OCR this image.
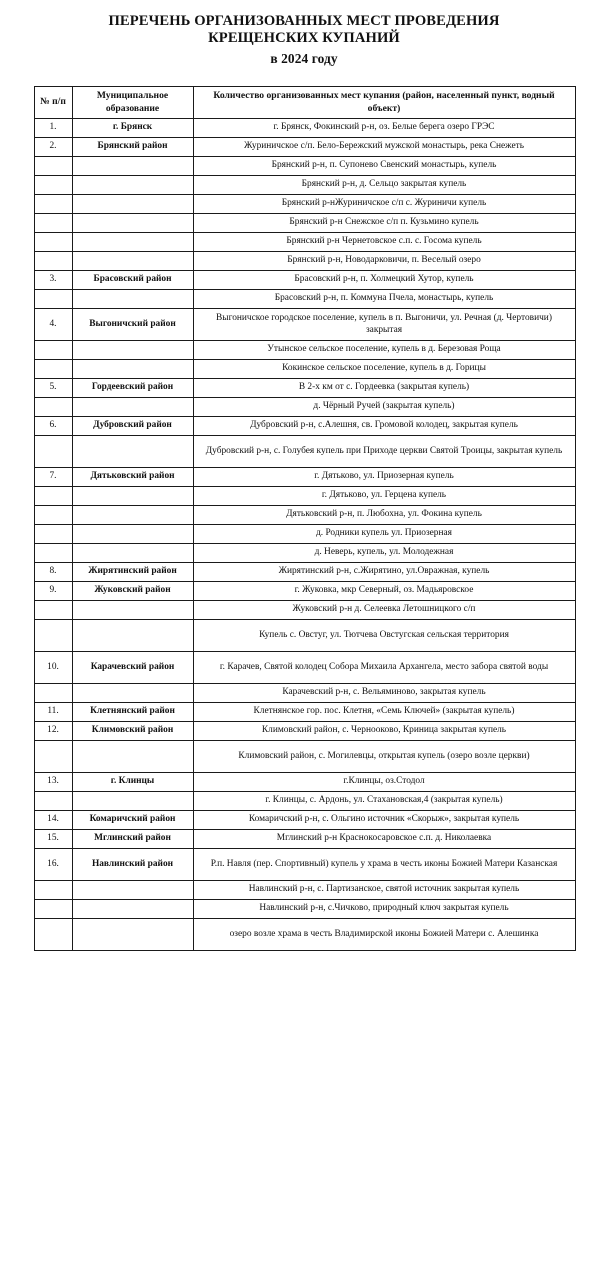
ПЕРЕЧЕНЬ ОРГАНИЗОВАННЫХ МЕСТ ПРОВЕДЕНИЯ
КРЕЩЕНСКИХ КУПАНИЙ
в 2024 году
№ п/п	Муниципальное образование	Количество организованных мест купания (район, населенный пункт, водный объект)
1.	г. Брянск	г. Брянск, Фокинский р-н, оз. Белые берега озеро ГРЭС
2.	Брянский район	Журиничское с/п. Бело-Бережский мужской монастырь, река Снежеть
		Брянский р-н, п. Супонево Свенский монастырь, купель
		Брянский р-н, д. Сельцо закрытая купель
		Брянский р-нЖуриничское с/п с. Журиничи купель
		Брянский р-н Снежское с/п п. Кузьмино купель
		Брянский р-н Чернетовское с.п. с. Госома купель
		Брянский р-н, Новодарковичи, п. Веселый озеро
3.	Брасовский район	Брасовский р-н, п. Холмецкий Хутор, купель
		Брасовский р-н, п. Коммуна Пчела, монастырь, купель
4.	Выгоничский район	Выгоничское городское поселение, купель в п. Выгоничи, ул. Речная (д. Чертовичи) закрытая
		Утынское сельское поселение, купель в д. Березовая Роща
		Кокинское сельское поселение, купель в д. Горицы
5.	Гордеевский район	В 2-х км от с. Гордеевка (закрытая купель)
		д. Чёрный Ручей (закрытая купель)
6.	Дубровский район	Дубровский р-н, с.Алешня, св. Громовой колодец, закрытая купель
		Дубровский р-н, с. Голубея купель при Приходе церкви Святой Троицы, закрытая купель
7.	Дятьковский район	г. Дятьково, ул. Приозерная купель
		г. Дятьково, ул. Герцена купель
		Дятьковский р-н, п. Любохна, ул. Фокина купель
		д. Родники купель ул. Приозерная
		д. Неверь, купель, ул. Молодежная
8.	Жирятинский район	Жирятинский р-н, с.Жирятино, ул.Овражная, купель
9.	Жуковский район	г. Жуковка, мкр Северный, оз. Мадьяровское
		Жуковский р-н д. Селеевка Летошницкого с/п
		Купель с. Овстуг, ул. Тютчева Овстугская сельская территория
10.	Карачевский район	г. Карачев, Святой колодец Собора Михаила Архангела, место забора святой воды
		Карачевский р-н, с. Вельяминово, закрытая купель
11.	Клетнянский район	Клетнянское гор. пос. Клетня, «Семь Ключей» (закрытая купель)
12.	Климовский район	Климовский район, с. Чернооково, Криница закрытая купель
		Климовский район, с. Могилевцы, открытая купель (озеро возле церкви)
13.	г. Клинцы	г.Клинцы, оз.Стодол
		г. Клинцы, с. Ардонь, ул. Стахановская,4 (закрытая купель)
14.	Комаричский район	Комаричский р-н, с. Ольгино источник «Скорыж», закрытая купель
15.	Мглинский район	Мглинский р-н Краснокосаровское с.п. д. Николаевка
16.	Навлинский район	Р.п. Навля (пер. Спортивный) купель у храма в честь иконы Божией Матери Казанская
		Навлинский р-н, с. Партизанское, святой источник закрытая купель
		Навлинский р-н, с.Чичково, природный ключ закрытая купель
		озеро возле храма в честь Владимирской иконы Божией Матери с. Алешинка
